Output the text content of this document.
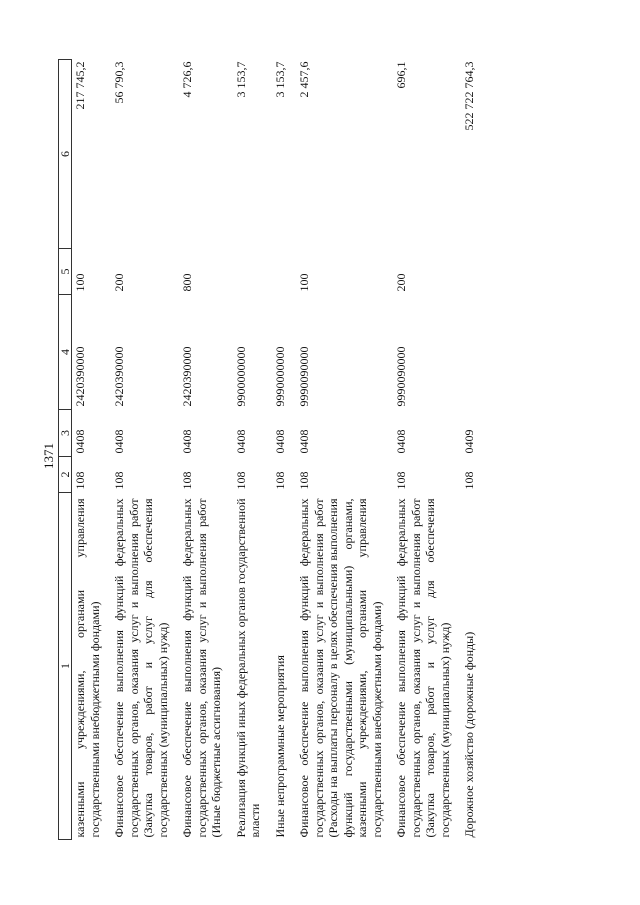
1371
1	2	3	4	5	6
казенными учреждениями, органами управления государственными внебюджетными фондами)	108	0408	2420390000	100	217 745,2
Финансовое обеспечение выполнения функций федеральных государственных органов, оказания услуг и выполнения работ (Закупка товаров, работ и услуг для обеспечения государственных (муниципальных) нужд)	108	0408	2420390000	200	56 790,3
Финансовое обеспечение выполнения функций федеральных государственных органов, оказания услуг и выполнения работ (Иные бюджетные ассигнования)	108	0408	2420390000	800	4 726,6
Реализация функций иных федеральных органов государственной власти	108	0408	9900000000		3 153,7
Иные непрограммные мероприятия	108	0408	9990000000		3 153,7
Финансовое обеспечение выполнения функций федеральных государственных органов, оказания услуг и выполнения работ (Расходы на выплаты персоналу в целях обеспечения выполнения функций государственными (муниципальными) органами, казенными учреждениями, органами управления государственными внебюджетными фондами)	108	0408	9990090000	100	2 457,6
Финансовое обеспечение выполнения функций федеральных государственных органов, оказания услуг и выполнения работ (Закупка товаров, работ и услуг для обеспечения государственных (муниципальных) нужд)	108	0408	9990090000	200	696,1
Дорожное хозяйство (дорожные фонды)	108	0409			522 722 764,3
